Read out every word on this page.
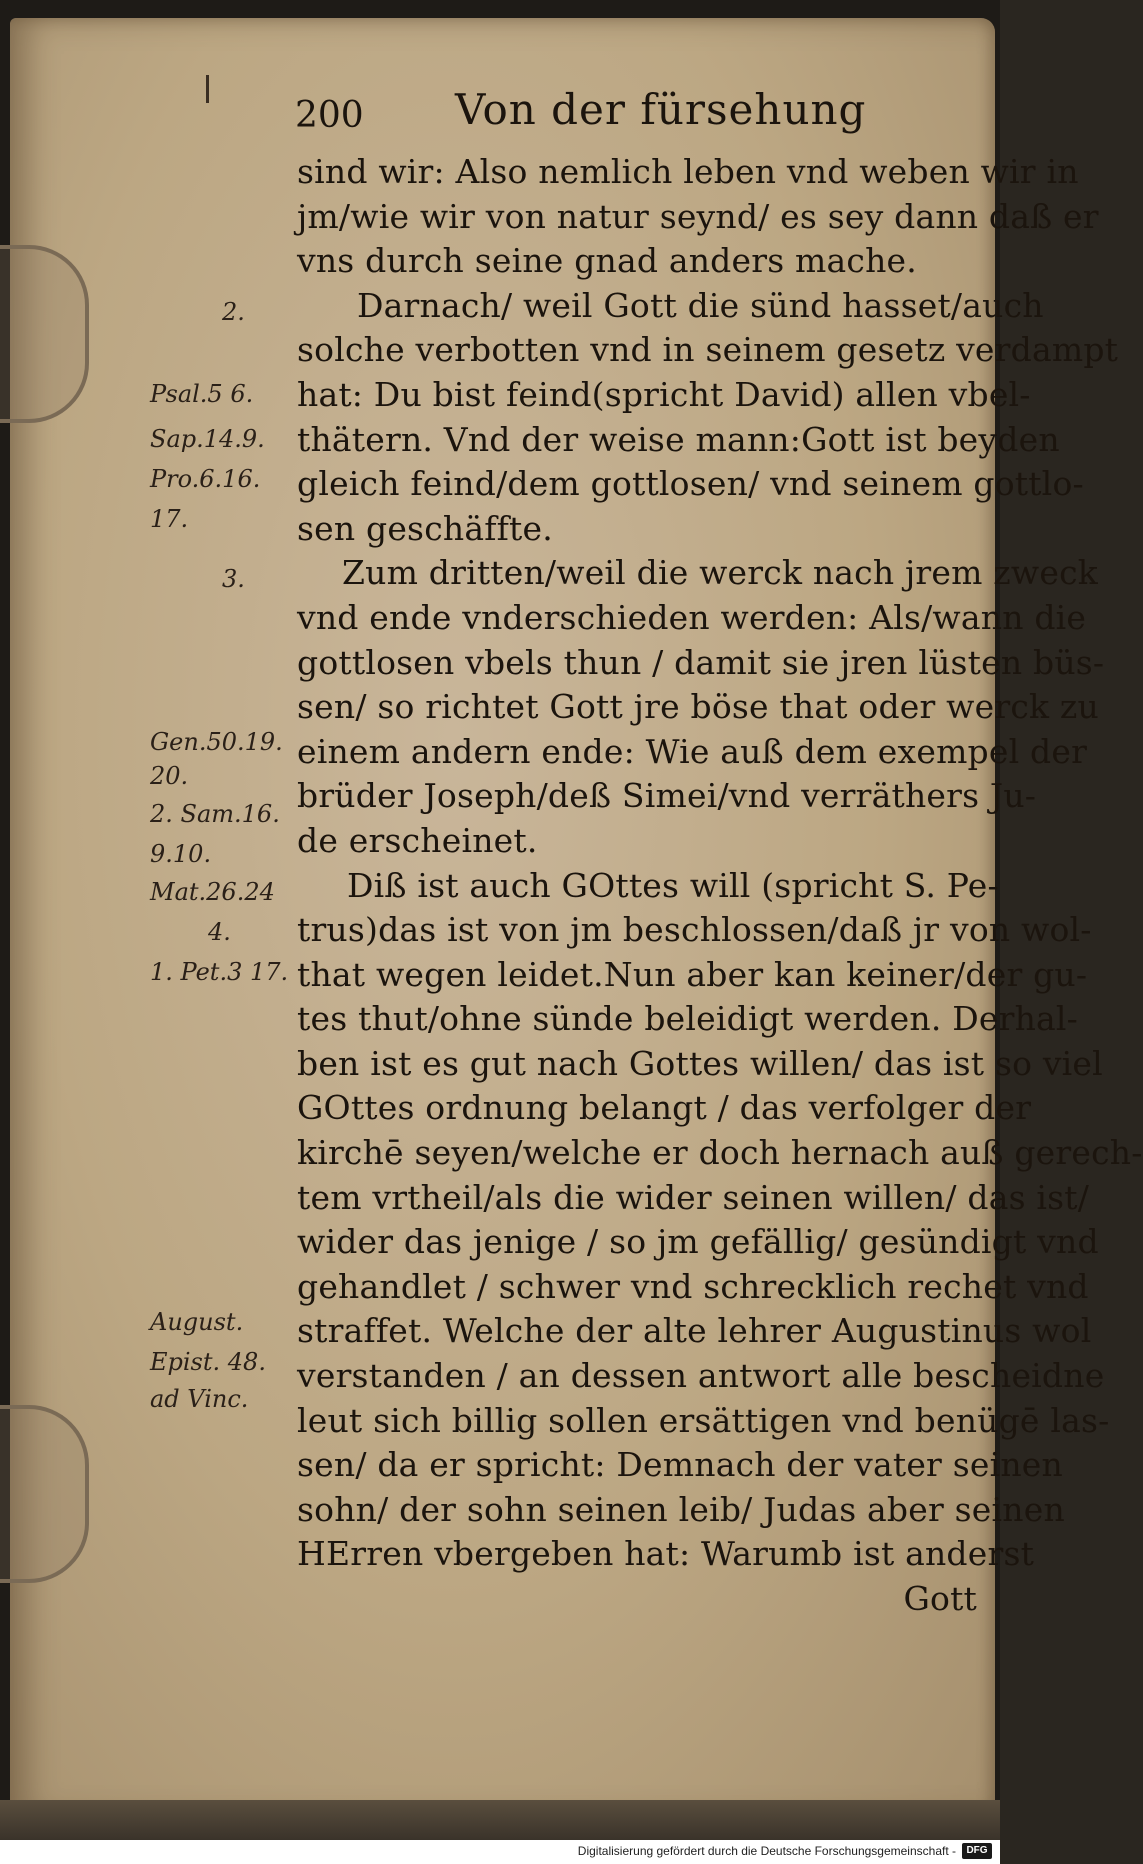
200 Von der fürsehung
sind wir: Also nemlich leben vnd weben wir in
jm/wie wir von natur seynd/ es sey dann daß er
vns durch seine gnad anders mache.
Darnach/ weil Gott die sünd hasset/auch
solche verbotten vnd in seinem gesetz verdampt
hat: Du bist feind(spricht David) allen vbel-
thätern. Vnd der weise mann:Gott ist beyden
gleich feind/dem gottlosen/ vnd seinem gottlo-
sen geschäffte.
Zum dritten/weil die werck nach jrem zweck
vnd ende vnderschieden werden: Als/wann die
gottlosen vbels thun / damit sie jren lüsten büs-
sen/ so richtet Gott jre böse that oder werck zu
einem andern ende: Wie auß dem exempel der
brüder Joseph/deß Simei/vnd verräthers Ju-
de erscheinet.
Diß ist auch GOttes will (spricht S. Pe-
trus)das ist von jm beschlossen/daß jr von wol-
that wegen leidet.Nun aber kan keiner/der gu-
tes thut/ohne sünde beleidigt werden. Derhal-
ben ist es gut nach Gottes willen/ das ist so viel
GOttes ordnung belangt / das verfolger der
kirchē seyen/welche er doch hernach auß gerech-
tem vrtheil/als die wider seinen willen/ das ist/
wider das jenige / so jm gefällig/ gesündigt vnd
gehandlet / schwer vnd schrecklich rechet vnd
straffet. Welche der alte lehrer Augustinus wol
verstanden / an dessen antwort alle bescheidne
leut sich billig sollen ersättigen vnd benügē las-
sen/ da er spricht: Demnach der vater seinen
sohn/ der sohn seinen leib/ Judas aber seinen
HErren vbergeben hat: Warumb ist anderst
Gott
2.
Psal.5 6.
Sap.14.9.
Pro.6.16.
17.
3.
Gen.50.19.
20.
2. Sam.16.
9.10.
Mat.26.24
4.
1. Pet.3 17.
August.
Epist. 48.
ad Vinc.
Digitalisierung gefördert durch die Deutsche Forschungsgemeinschaft -	DFG
